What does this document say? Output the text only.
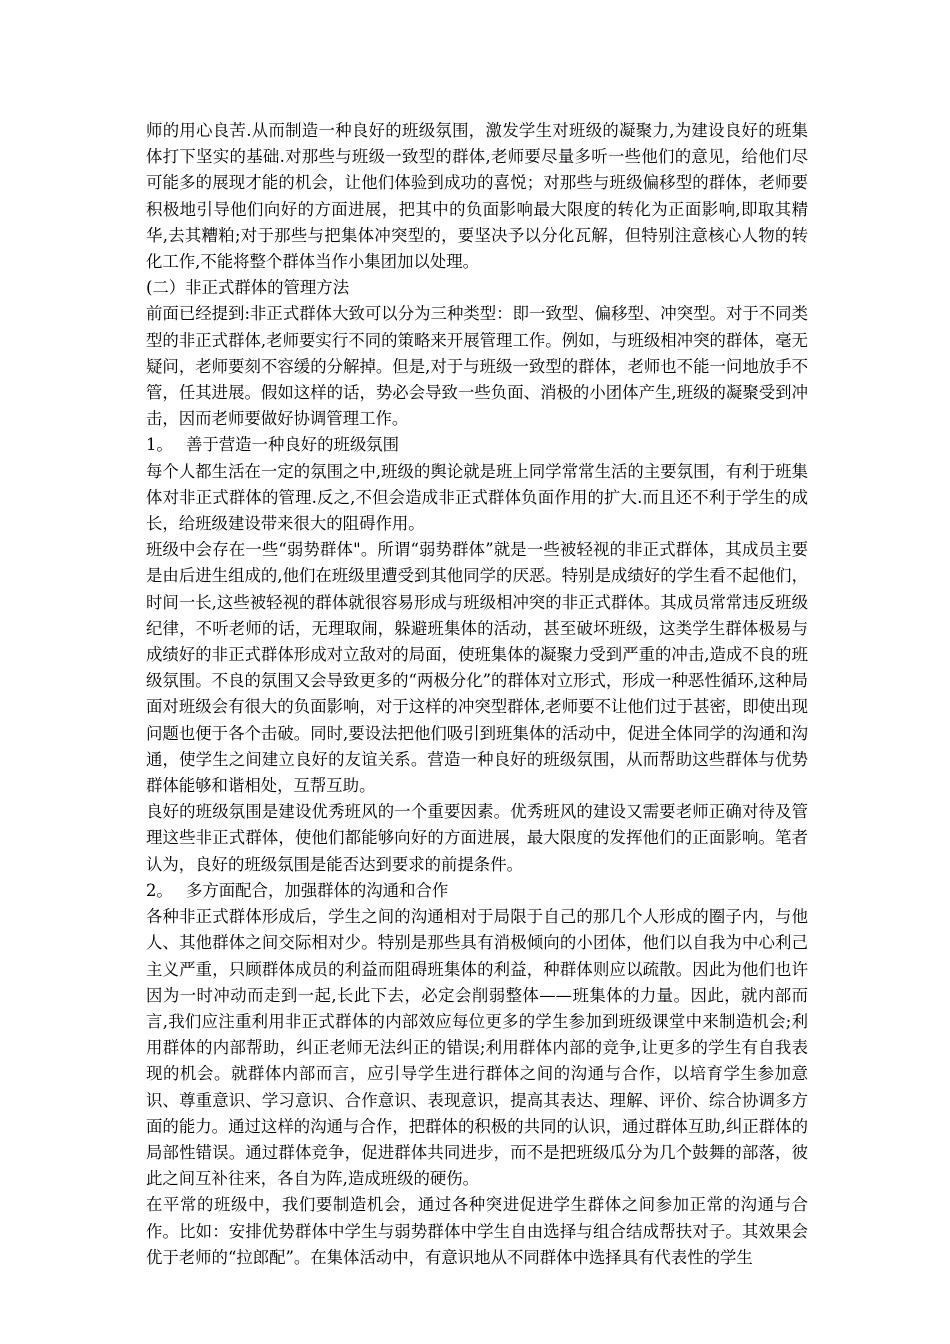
师的用心良苦.从而制造一种良好的班级氛围，激发学生对班级的凝聚力,为建设良好的班集体打下坚实的基础.对那些与班级一致型的群体,老师要尽量多听一些他们的意见，给他们尽可能多的展现才能的机会，让他们体验到成功的喜悦；对那些与班级偏移型的群体，老师要积极地引导他们向好的方面进展，把其中的负面影响最大限度的转化为正面影响,即取其精华,去其糟粕;对于那些与把集体冲突型的，要坚决予以分化瓦解，但特别注意核心人物的转化工作,不能将整个群体当作小集团加以处理。

(二）非正式群体的管理方法

前面已经提到:非正式群体大致可以分为三种类型：即一致型、偏移型、冲突型。对于不同类型的非正式群体,老师要实行不同的策略来开展管理工作。例如，与班级相冲突的群体，毫无疑问，老师要刻不容缓的分解掉。但是,对于与班级一致型的群体，老师也不能一问地放手不管，任其进展。假如这样的话，势必会导致一些负面、消极的小团体产生,班级的凝聚受到冲击，因而老师要做好协调管理工作。

1。 善于营造一种良好的班级氛围

每个人都生活在一定的氛围之中,班级的舆论就是班上同学常常生活的主要氛围，有利于班集体对非正式群体的管理.反之,不但会造成非正式群体负面作用的扩大.而且还不利于学生的成长，给班级建设带来很大的阻碍作用。

班级中会存在一些“弱势群体"。所谓“弱势群体”就是一些被轻视的非正式群体，其成员主要是由后进生组成的,他们在班级里遭受到其他同学的厌恶。特别是成绩好的学生看不起他们，时间一长,这些被轻视的群体就很容易形成与班级相冲突的非正式群体。其成员常常违反班级纪律，不听老师的话，无理取闹，躲避班集体的活动，甚至破坏班级，这类学生群体极易与成绩好的非正式群体形成对立敌对的局面，使班集体的凝聚力受到严重的冲击,造成不良的班级氛围。不良的氛围又会导致更多的“两极分化”的群体对立形式，形成一种恶性循环,这种局面对班级会有很大的负面影响，对于这样的冲突型群体,老师要不让他们过于甚密，即使出现问题也便于各个击破。同时,要设法把他们吸引到班集体的活动中，促进全体同学的沟通和沟通，使学生之间建立良好的友谊关系。营造一种良好的班级氛围，从而帮助这些群体与优势群体能够和谐相处，互帮互助。

良好的班级氛围是建设优秀班风的一个重要因素。优秀班风的建设又需要老师正确对待及管理这些非正式群体，使他们都能够向好的方面进展，最大限度的发挥他们的正面影响。笔者认为，良好的班级氛围是能否达到要求的前提条件。

2。 多方面配合，加强群体的沟通和合作

各种非正式群体形成后，学生之间的沟通相对于局限于自己的那几个人形成的圈子内，与他人、其他群体之间交际相对少。特别是那些具有消极倾向的小团体，他们以自我为中心利己主义严重，只顾群体成员的利益而阻碍班集体的利益，种群体则应以疏散。因此为他们也许因为一时冲动而走到一起,长此下去，必定会削弱整体——班集体的力量。因此，就内部而言,我们应注重利用非正式群体的内部效应每位更多的学生参加到班级课堂中来制造机会;利用群体的内部帮助，纠正老师无法纠正的错误;利用群体内部的竞争,让更多的学生有自我表现的机会。就群体内部而言，应引导学生进行群体之间的沟通与合作，以培育学生参加意识、尊重意识、学习意识、合作意识、表现意识，提高其表达、理解、评价、综合协调多方面的能力。通过这样的沟通与合作，把群体的积极的共同的认识，通过群体互助,纠正群体的局部性错误。通过群体竞争，促进群体共同进步，而不是把班级瓜分为几个鼓舞的部落，彼此之间互补往来，各自为阵,造成班级的硬伤。

在平常的班级中，我们要制造机会，通过各种突进促进学生群体之间参加正常的沟通与合作。比如：安排优势群体中学生与弱势群体中学生自由选择与组合结成帮扶对子。其效果会优于老师的“拉郎配”。在集体活动中，有意识地从不同群体中选择具有代表性的学生
